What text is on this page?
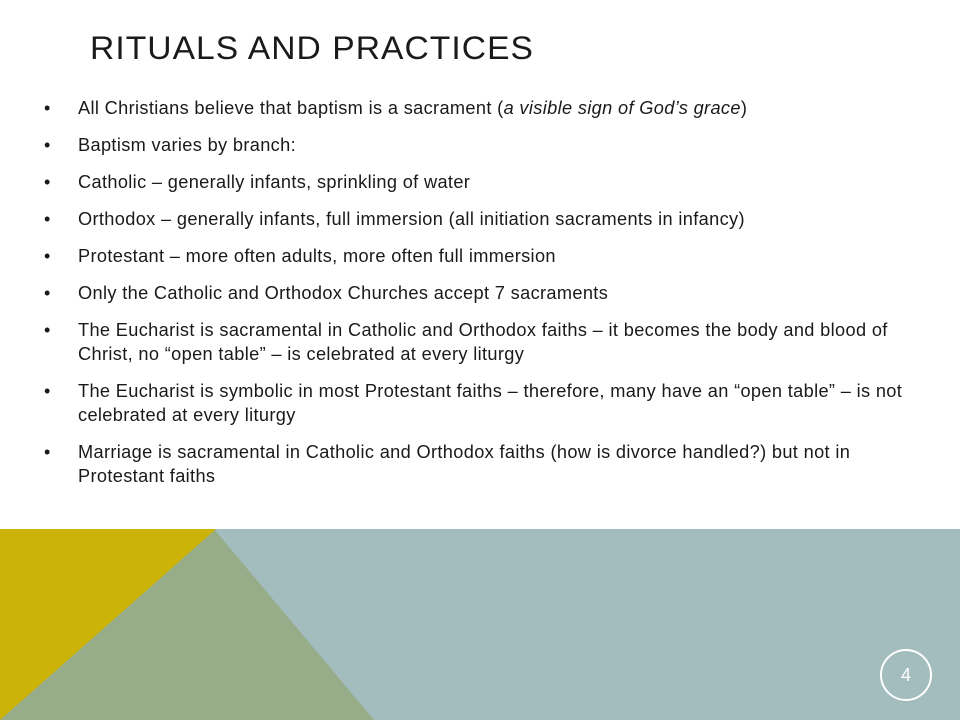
RITUALS AND PRACTICES
• All Christians believe that baptism is a sacrament (a visible sign of God’s grace)
• Baptism varies by branch:
• Catholic – generally infants, sprinkling of water
• Orthodox – generally infants, full immersion (all initiation sacraments in infancy)
• Protestant – more often adults, more often full immersion
• Only the Catholic and Orthodox Churches accept 7 sacraments
• The Eucharist is sacramental in Catholic and Orthodox faiths – it becomes the body and blood of Christ, no “open table” – is celebrated at every liturgy
• The Eucharist is symbolic in most Protestant faiths – therefore, many have an “open table” – is not celebrated at every liturgy
• Marriage is sacramental in Catholic and Orthodox faiths (how is divorce handled?) but not in Protestant faiths
4
